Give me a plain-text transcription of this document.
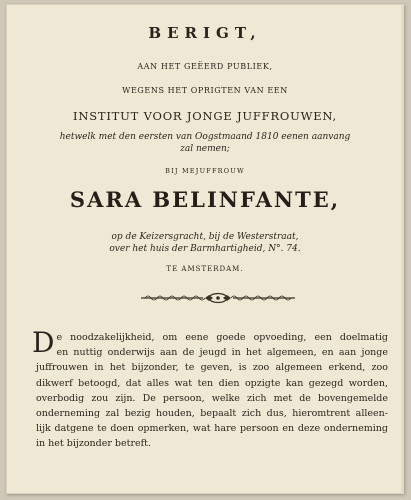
BERIGT,
AAN HET GEËERD PUBLIEK,
WEGENS HET OPRIGTEN VAN EEN
INSTITUT VOOR JONGE JUFFROUWEN,
hetwelk met den eersten van Oogstmaand 1810 eenen aanvang
zal nemen;
BIJ MEJUFFROUW
SARA BELINFANTE,
op de Keizersgracht, bij de Westerstraat,
over het huis der Barmhartigheid, N°. 74.
TE AMSTERDAM.
D e noodzakelijkheid, om eene goede opvoeding, een doelmatig
en nuttig onderwijs aan de jeugd in het algemeen, en aan jonge
juffrouwen in het bijzonder, te geven, is zoo algemeen erkend, zoo
dikwerf betoogd, dat alles wat ten dien opzigte kan gezegd worden,
overbodig zou zijn. De persoon, welke zich met de bovengemelde
onderneming zal bezig houden, bepaalt zich dus, hieromtrent alleen-
lijk datgene te doen opmerken, wat hare persoon en deze onderneming
in het bijzonder betreft.
